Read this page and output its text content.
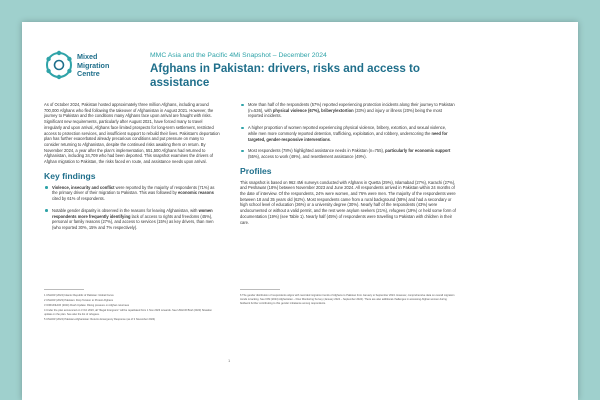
Mixed
Migration
Centre
MMC Asia and the Pacific 4Mi Snapshot – December 2024
Afghans in Pakistan: drivers, risks and access to assistance

As of October 2024, Pakistan hosted approximately three million Afghans, including around 700,000 Afghans who fled following the takeover of Afghanistan in August 2021. However, the journey to Pakistan and the conditions many Afghans face upon arrival are fraught with risks. Significant new requirements, particularly after August 2021, have forced many to travel irregularly and upon arrival, Afghans face limited prospects for long-term settlement, restricted access to protection services, and insufficient support to rebuild their lives. Pakistan's deportation plan has further exacerbated already precarious conditions and put pressure on many to consider returning to Afghanistan, despite the continued risks awaiting them on return. By November 2024, a year after the plan's implementation, 551,500 Afghans had returned to Afghanistan, including 34,709 who had been deported. This snapshot examines the drivers of Afghan migration to Pakistan, the risks faced en route, and assistance needs upon arrival.

Key findings
Violence, insecurity and conflict were reported by the majority of respondents (71%) as the primary driver of their migration to Pakistan. This was followed by economic reasons cited by 61% of respondents.
Notable gender disparity is observed in the reasons for leaving Afghanistan, with women respondents more frequently identifying lack of access to rights and freedoms (45%), personal or family reasons (27%), and access to services (15%) as key drivers, than men (who reported 30%, 15% and 7% respectively).
More than half of the respondents (57%) reported experiencing protection incidents along their journey to Pakistan (n=536), with physical violence (67%), bribery/extortion (33%) and injury or illness (20%) being the most reported incidents.
A higher proportion of women reported experiencing physical violence, bribery, extortion, and sexual violence, while men more commonly reported detention, trafficking, exploitation, and robbery, underscoring the need for targeted, gender-responsive interventions.
Most respondents (78%) highlighted assistance needs in Pakistan (n=755), particularly for economic support (55%), access to work (49%), and resettlement assistance (49%).
Profiles

This snapshot is based on 962 4Mi surveys conducted with Afghans in Quetta (29%), Islamabad (27%), Karachi (27%), and Peshawar (18%) between November 2023 and June 2024. All respondents arrived in Pakistan within 24 months of the date of interview. Of the respondents, 24% were women, and 76% were men. The majority of the respondents were between 18 and 35 years old (62%). Most respondents came from a rural background (58%) and had a secondary or high school level of education (36%) or a university degree (30%). Nearly half of the respondents (43%) were undocumented or without a valid permit, and the rest were asylum seekers (21%), refugees (19%) or held some form of documentation (19%) (see Table 1). Nearly half (45%) of respondents were travelling to Pakistan with children in their care.

1 UNHCR (2024) Islamic Republic of Pakistan: Global Focus
2 UNHCR (2023) Pakistan: Drop Tension to Protect Afghans
3 IOM/UNHCR (2024) Flash Update: Rising pressure on Afghan returnees
4 Under the plan announced on 3 Oct 2023, all "illegal foreigners" will be repatriated from 1 Nov 2023 onwards. See UNHCR Brief (2023) Situation update on the plan. See also the list of refugees.
5 UNHCR (2024) Pakistan-Afghanistan: Returns Emergency Response (as of 3 November 2024)
6 The gender distribution of respondents aligns with recorded migration trends of Afghans to Pakistan from January to September 2024. However, comprehensive data on overall migration trends is lacking. See IOM (2024) Afghanistan – Flow Monitoring Survey (January 2024 – September 2024). There are also additional challenges in accessing Afghan women during fieldwork further contributing to this gender imbalance among respondents.
1
